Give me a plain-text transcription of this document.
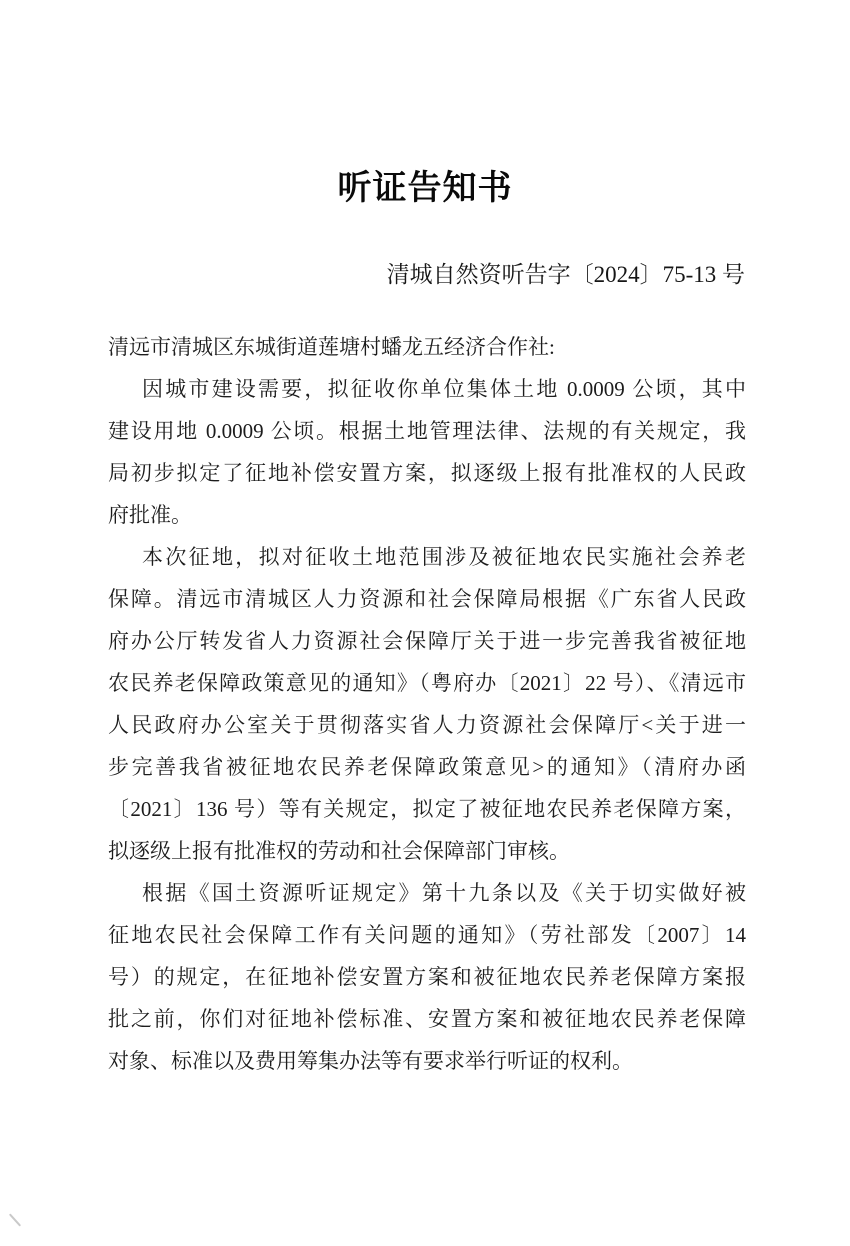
听证告知书
清城自然资听告字〔2024〕75-13 号
清远市清城区东城街道莲塘村蟠龙五经济合作社:
因城市建设需要，拟征收你单位集体土地 0.0009 公顷，其中
建设用地 0.0009 公顷。根据土地管理法律、法规的有关规定，我
局初步拟定了征地补偿安置方案，拟逐级上报有批准权的人民政
府批准。
本次征地，拟对征收土地范围涉及被征地农民实施社会养老
保障。清远市清城区人力资源和社会保障局根据《广东省人民政
府办公厅转发省人力资源社会保障厅关于进一步完善我省被征地
农民养老保障政策意见的通知》（粤府办〔2021〕22 号）、《清远市
人民政府办公室关于贯彻落实省人力资源社会保障厅<关于进一
步完善我省被征地农民养老保障政策意见>的通知》（清府办函
〔2021〕136 号）等有关规定，拟定了被征地农民养老保障方案，
拟逐级上报有批准权的劳动和社会保障部门审核。
根据《国土资源听证规定》第十九条以及《关于切实做好被
征地农民社会保障工作有关问题的通知》（劳社部发〔2007〕14
号）的规定，在征地补偿安置方案和被征地农民养老保障方案报
批之前，你们对征地补偿标准、安置方案和被征地农民养老保障
对象、标准以及费用筹集办法等有要求举行听证的权利。
